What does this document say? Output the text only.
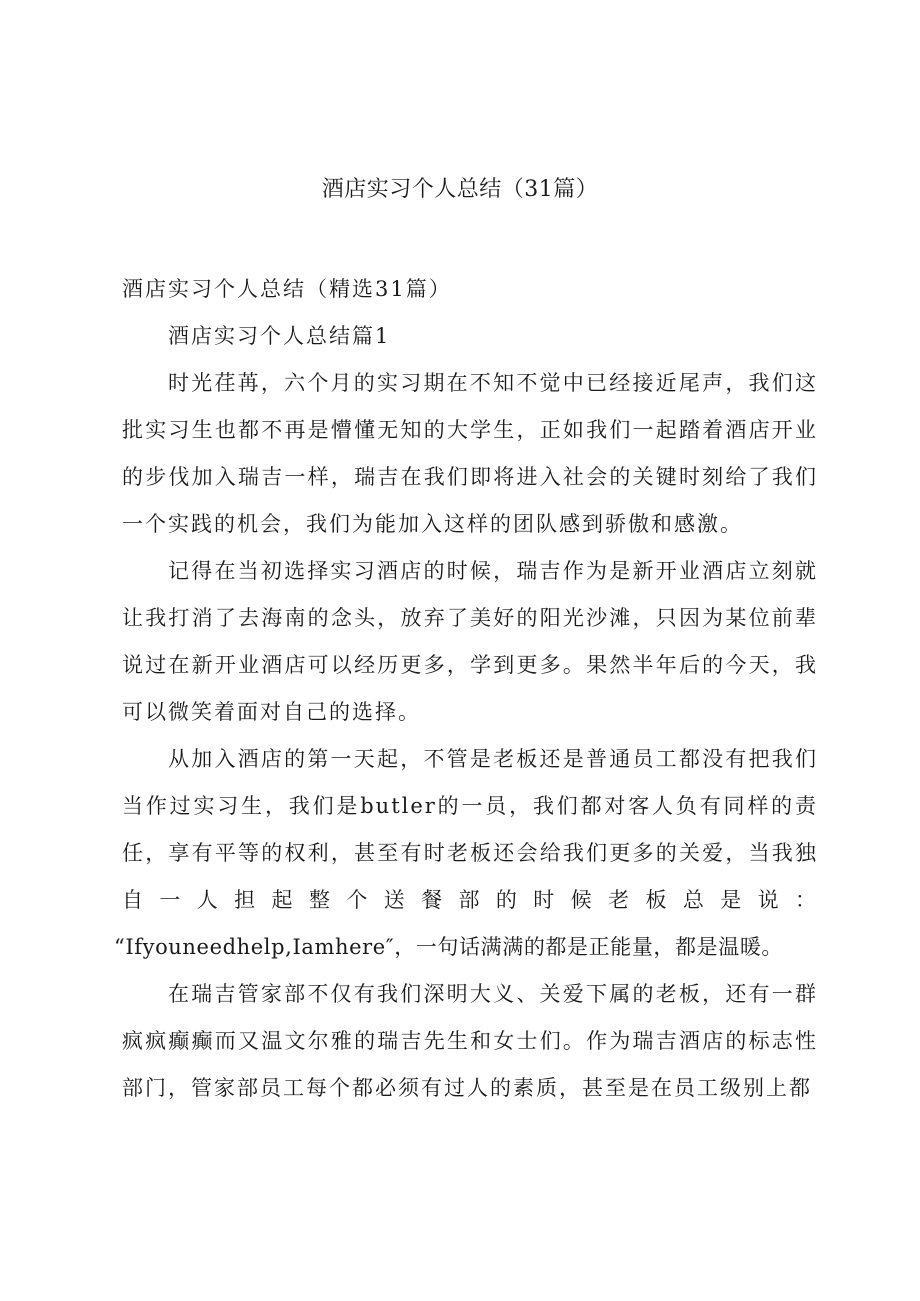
酒店实习个人总结（31篇）
酒店实习个人总结（精选31篇）
酒店实习个人总结篇1

时光荏苒，六个月的实习期在不知不觉中已经接近尾声，我们这批实习生也都不再是懵懂无知的大学生，正如我们一起踏着酒店开业的步伐加入瑞吉一样，瑞吉在我们即将进入社会的关键时刻给了我们一个实践的机会，我们为能加入这样的团队感到骄傲和感激。

记得在当初选择实习酒店的时候，瑞吉作为是新开业酒店立刻就让我打消了去海南的念头，放弃了美好的阳光沙滩，只因为某位前辈说过在新开业酒店可以经历更多，学到更多。果然半年后的今天，我可以微笑着面对自己的选择。

从加入酒店的第一天起，不管是老板还是普通员工都没有把我们当作过实习生，我们是butler的一员，我们都对客人负有同样的责任，享有平等的权利，甚至有时老板还会给我们更多的关爱，当我独自一人担起整个送餐部的时候老板总是说：

“Ifyouneedhelp,Iamhere″，一句话满满的都是正能量，都是温暖。

在瑞吉管家部不仅有我们深明大义、关爱下属的老板，还有一群疯疯癫癫而又温文尔雅的瑞吉先生和女士们。作为瑞吉酒店的标志性部门，管家部员工每个都必须有过人的素质，甚至是在员工级别上都
